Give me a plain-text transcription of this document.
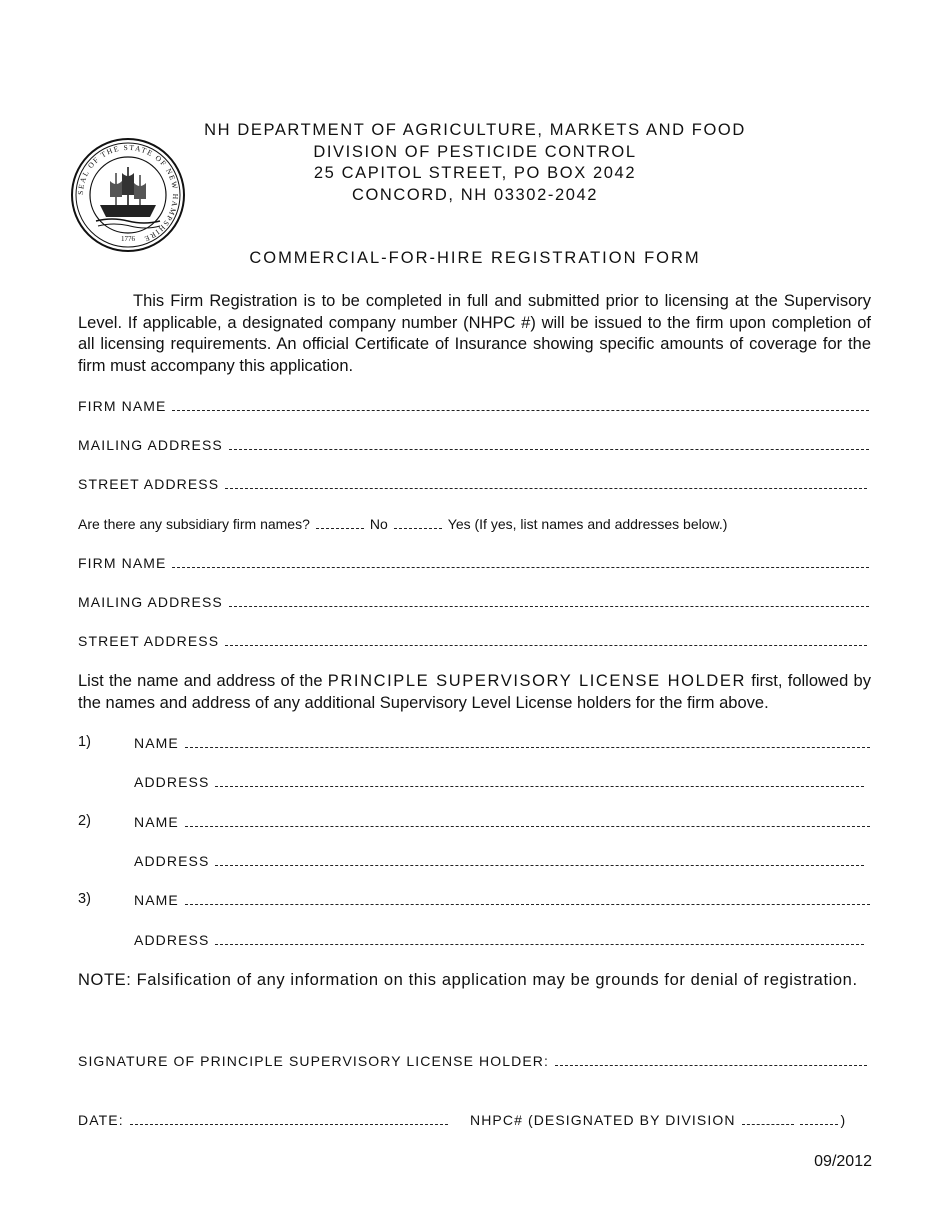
SEAL OF THE STATE OF NEW HAMPSHIRE
1776
NH DEPARTMENT OF AGRICULTURE, MARKETS AND FOOD
DIVISION OF PESTICIDE CONTROL
25 CAPITOL STREET, PO BOX 2042
CONCORD, NH 03302-2042
COMMERCIAL-FOR-HIRE REGISTRATION FORM
This Firm Registration is to be completed in full and submitted prior to licensing at the Supervisory Level. If applicable, a designated company number (NHPC #) will be issued to the firm upon completion of all licensing requirements. An official Certificate of Insurance showing specific amounts of coverage for the firm must accompany this application.
FIRM NAME
MAILING ADDRESS
STREET ADDRESS
Are there any subsidiary firm names?	No	Yes (If yes, list names and addresses below.)
FIRM NAME
MAILING ADDRESS
STREET ADDRESS
List the name and address of the PRINCIPLE SUPERVISORY LICENSE HOLDER first, followed by the names and address of any additional Supervisory Level License holders for the firm above.
1)	NAME
ADDRESS
2)	NAME
ADDRESS
3)	NAME
ADDRESS
NOTE: Falsification of any information on this application may be grounds for denial of registration.
SIGNATURE OF PRINCIPLE SUPERVISORY LICENSE HOLDER:
DATE:	NHPC# (DESIGNATED BY DIVISION	)
09/2012
